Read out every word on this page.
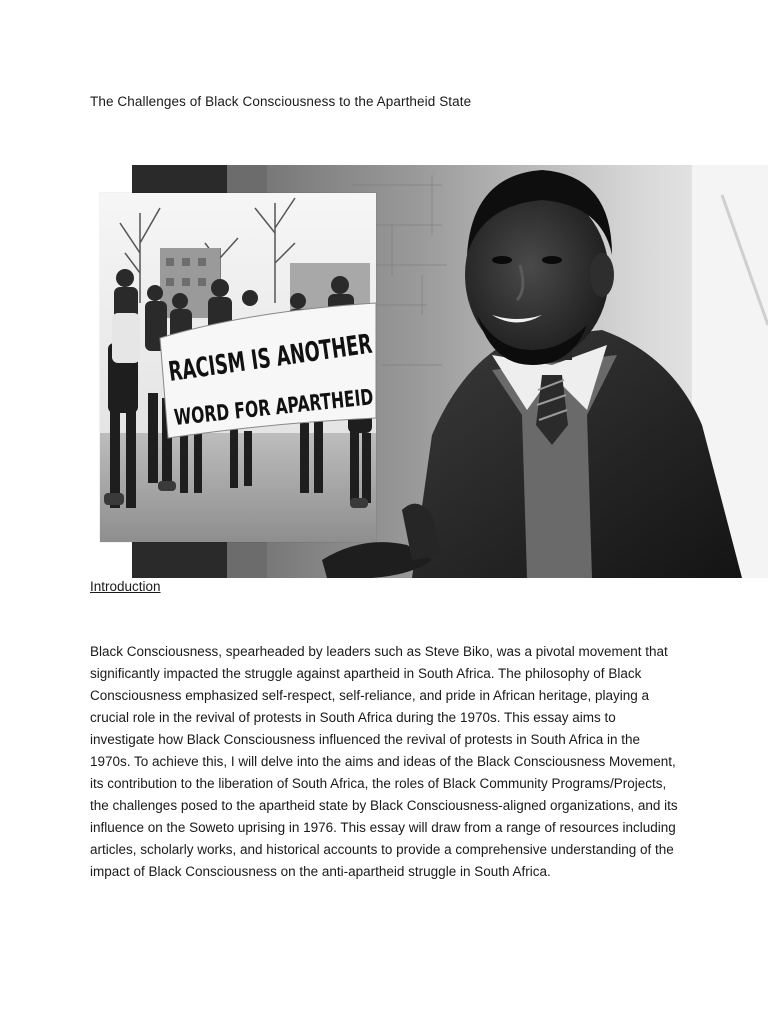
The Challenges of Black Consciousness to the Apartheid State
RACISM IS ANOTHER
WORD FOR APARTHEID
Introduction

Black Consciousness, spearheaded by leaders such as Steve Biko, was a pivotal movement that significantly impacted the struggle against apartheid in South Africa. The philosophy of Black Consciousness emphasized self-respect, self-reliance, and pride in African heritage, playing a crucial role in the revival of protests in South Africa during the 1970s. This essay aims to investigate how Black Consciousness influenced the revival of protests in South Africa in the 1970s. To achieve this, I will delve into the aims and ideas of the Black Consciousness Movement, its contribution to the liberation of South Africa, the roles of Black Community Programs/Projects, the challenges posed to the apartheid state by Black Consciousness-aligned organizations, and its influence on the Soweto uprising in 1976. This essay will draw from a range of resources including articles, scholarly works, and historical accounts to provide a comprehensive understanding of the impact of Black Consciousness on the anti-apartheid struggle in South Africa.
